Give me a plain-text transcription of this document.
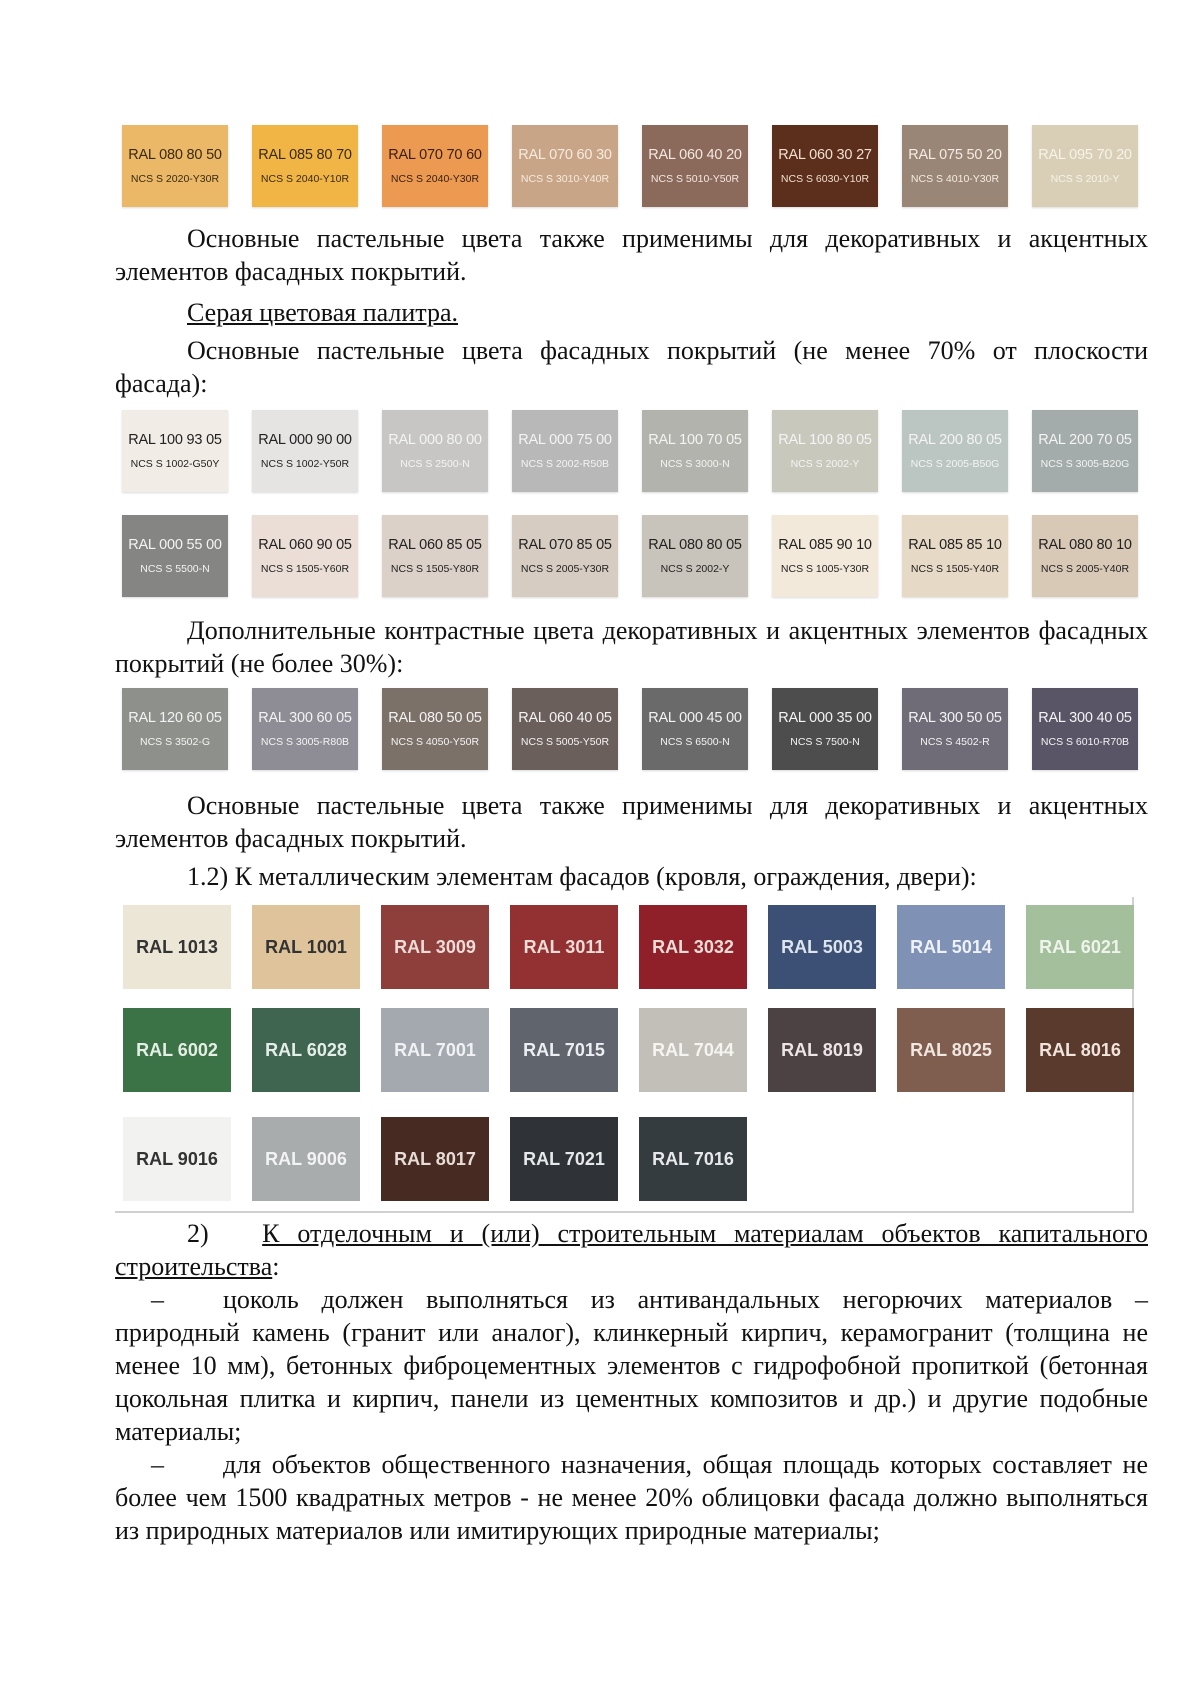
RAL 080 80 50
NCS S 2020-Y30R
RAL 085 80 70
NCS S 2040-Y10R
RAL 070 70 60
NCS S 2040-Y30R
RAL 070 60 30
NCS S 3010-Y40R
RAL 060 40 20
NCS S 5010-Y50R
RAL 060 30 27
NCS S 6030-Y10R
RAL 075 50 20
NCS S 4010-Y30R
RAL 095 70 20
NCS S 2010-Y
Основные пастельные цвета также применимы для декоративных и акцентных элементов фасадных покрытий.
Серая цветовая палитра.
Основные пастельные цвета фасадных покрытий (не менее 70% от плоскости фасада):
RAL 100 93 05
NCS S 1002-G50Y
RAL 000 90 00
NCS S 1002-Y50R
RAL 000 80 00
NCS S 2500-N
RAL 000 75 00
NCS S 2002-R50B
RAL 100 70 05
NCS S 3000-N
RAL 100 80 05
NCS S 2002-Y
RAL 200 80 05
NCS S 2005-B50G
RAL 200 70 05
NCS S 3005-B20G
RAL 000 55 00
NCS S 5500-N
RAL 060 90 05
NCS S 1505-Y60R
RAL 060 85 05
NCS S 1505-Y80R
RAL 070 85 05
NCS S 2005-Y30R
RAL 080 80 05
NCS S 2002-Y
RAL 085 90 10
NCS S 1005-Y30R
RAL 085 85 10
NCS S 1505-Y40R
RAL 080 80 10
NCS S 2005-Y40R
Дополнительные контрастные цвета декоративных и акцентных элементов фасадных покрытий (не более 30%):
RAL 120 60 05
NCS S 3502-G
RAL 300 60 05
NCS S 3005-R80B
RAL 080 50 05
NCS S 4050-Y50R
RAL 060 40 05
NCS S 5005-Y50R
RAL 000 45 00
NCS S 6500-N
RAL 000 35 00
NCS S 7500-N
RAL 300 50 05
NCS S 4502-R
RAL 300 40 05
NCS S 6010-R70B
Основные пастельные цвета также применимы для декоративных и акцентных элементов фасадных покрытий.
1.2) К металлическим элементам фасадов (кровля, ограждения, двери):
RAL 1013	RAL 1001	RAL 3009	RAL 3011	RAL 3032	RAL 5003	RAL 5014	RAL 6021
RAL 6002	RAL 6028	RAL 7001	RAL 7015	RAL 7044	RAL 8019	RAL 8025	RAL 8016
RAL 9016	RAL 9006	RAL 8017	RAL 7021	RAL 7016
2) К отделочным и (или) строительным материалам объектов капитального строительства:
– цоколь должен выполняться из антивандальных негорючих материалов – природный камень (гранит или аналог), клинкерный кирпич, керамогранит (толщина не менее 10 мм), бетонных фиброцементных элементов с гидрофобной пропиткой (бетонная цокольная плитка и кирпич, панели из цементных композитов и др.) и другие подобные материалы;
– для объектов общественного назначения, общая площадь которых составляет не более чем 1500 квадратных метров - не менее 20% облицовки фасада должно выполняться из природных материалов или имитирующих природные материалы;
